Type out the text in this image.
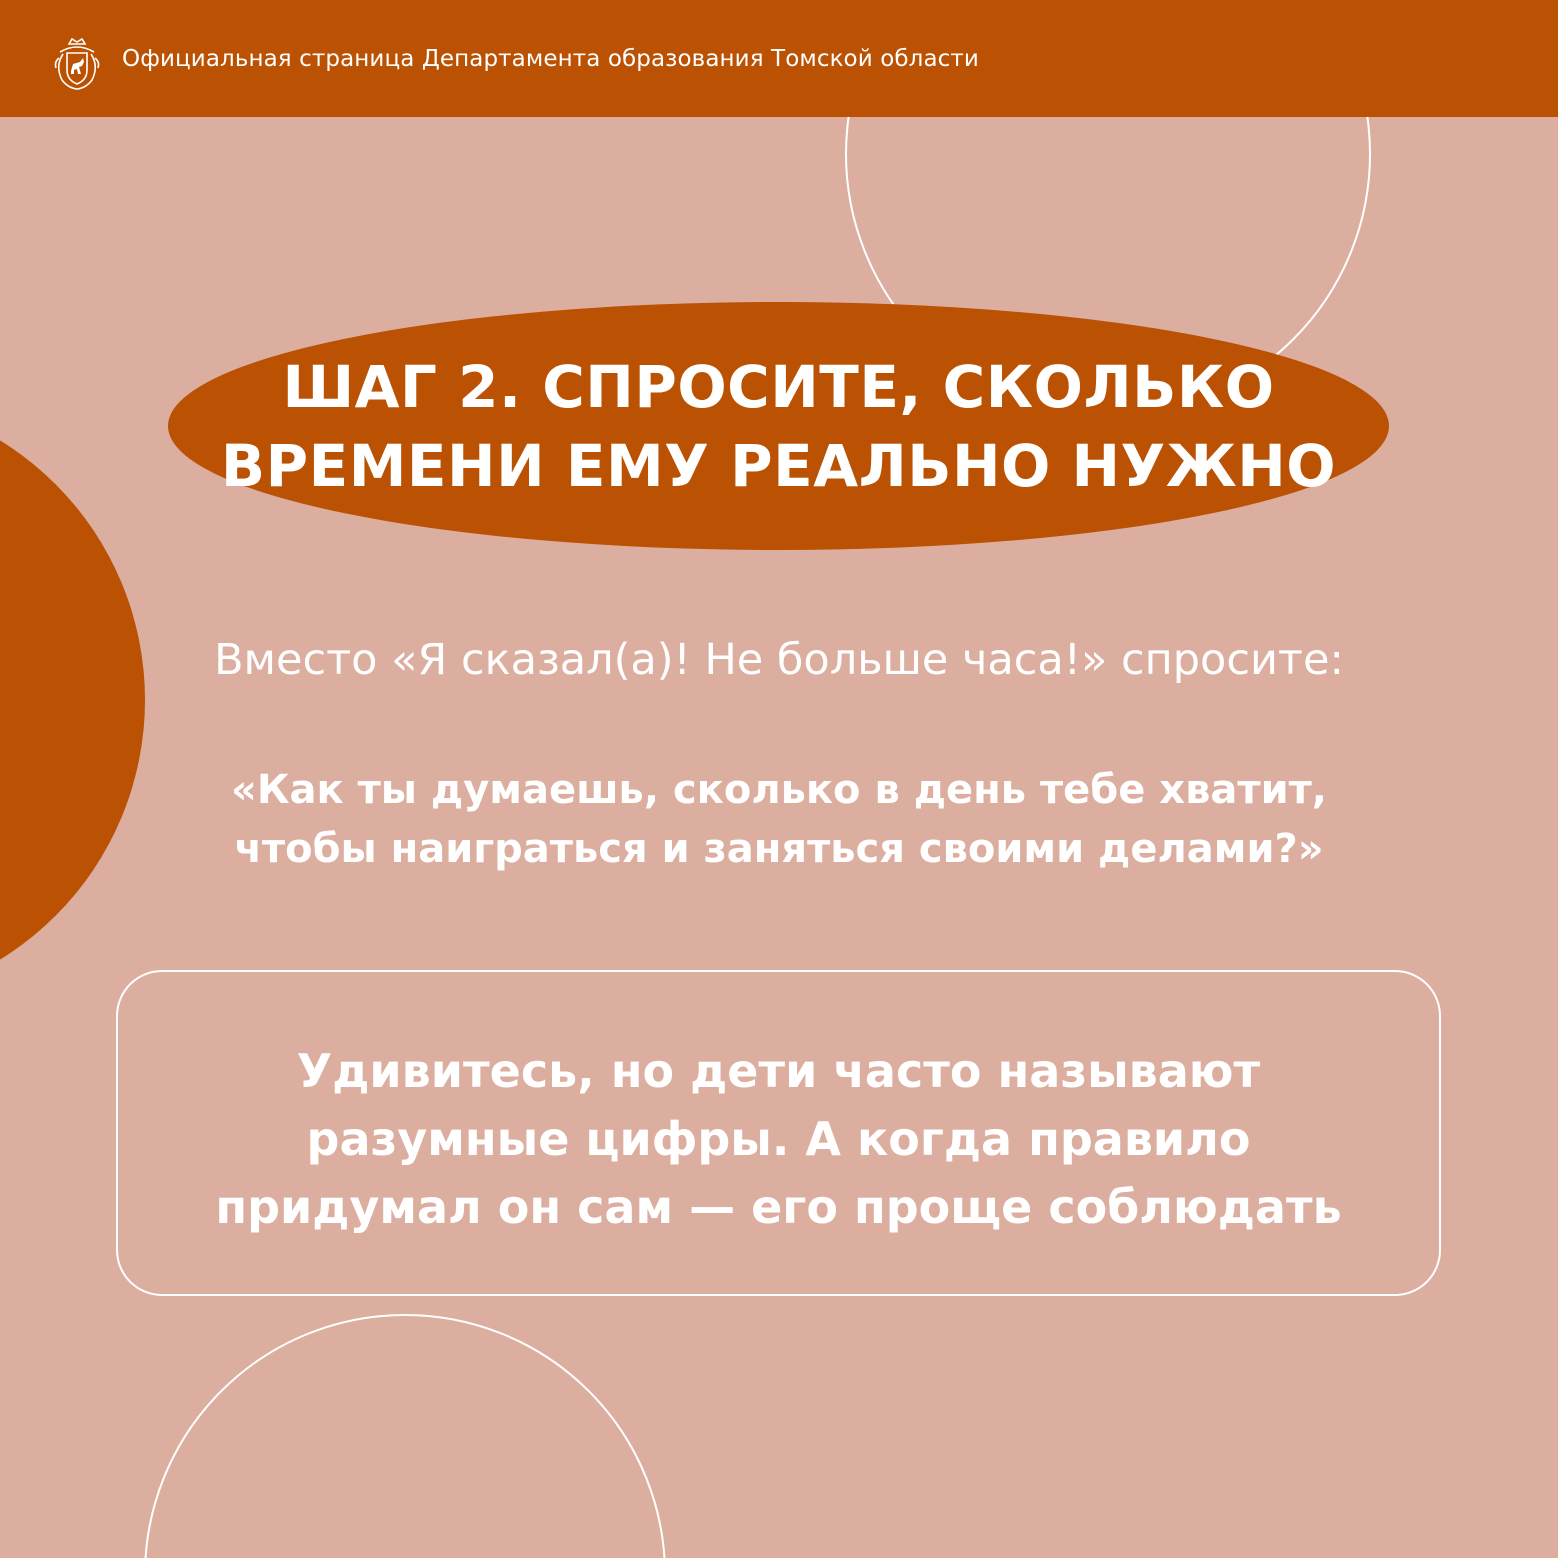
Официальная страница Департамента образования Томской области
ШАГ 2. СПРОСИТЕ, СКОЛЬКО
ВРЕМЕНИ ЕМУ РЕАЛЬНО НУЖНО
Вместо «Я сказал(а)! Не больше часа!» спросите:
«Как ты думаешь, сколько в день тебе хватит,
чтобы наиграться и заняться своими делами?»
Удивитесь, но дети часто называют
разумные цифры. А когда правило
придумал он сам — его проще соблюдать
